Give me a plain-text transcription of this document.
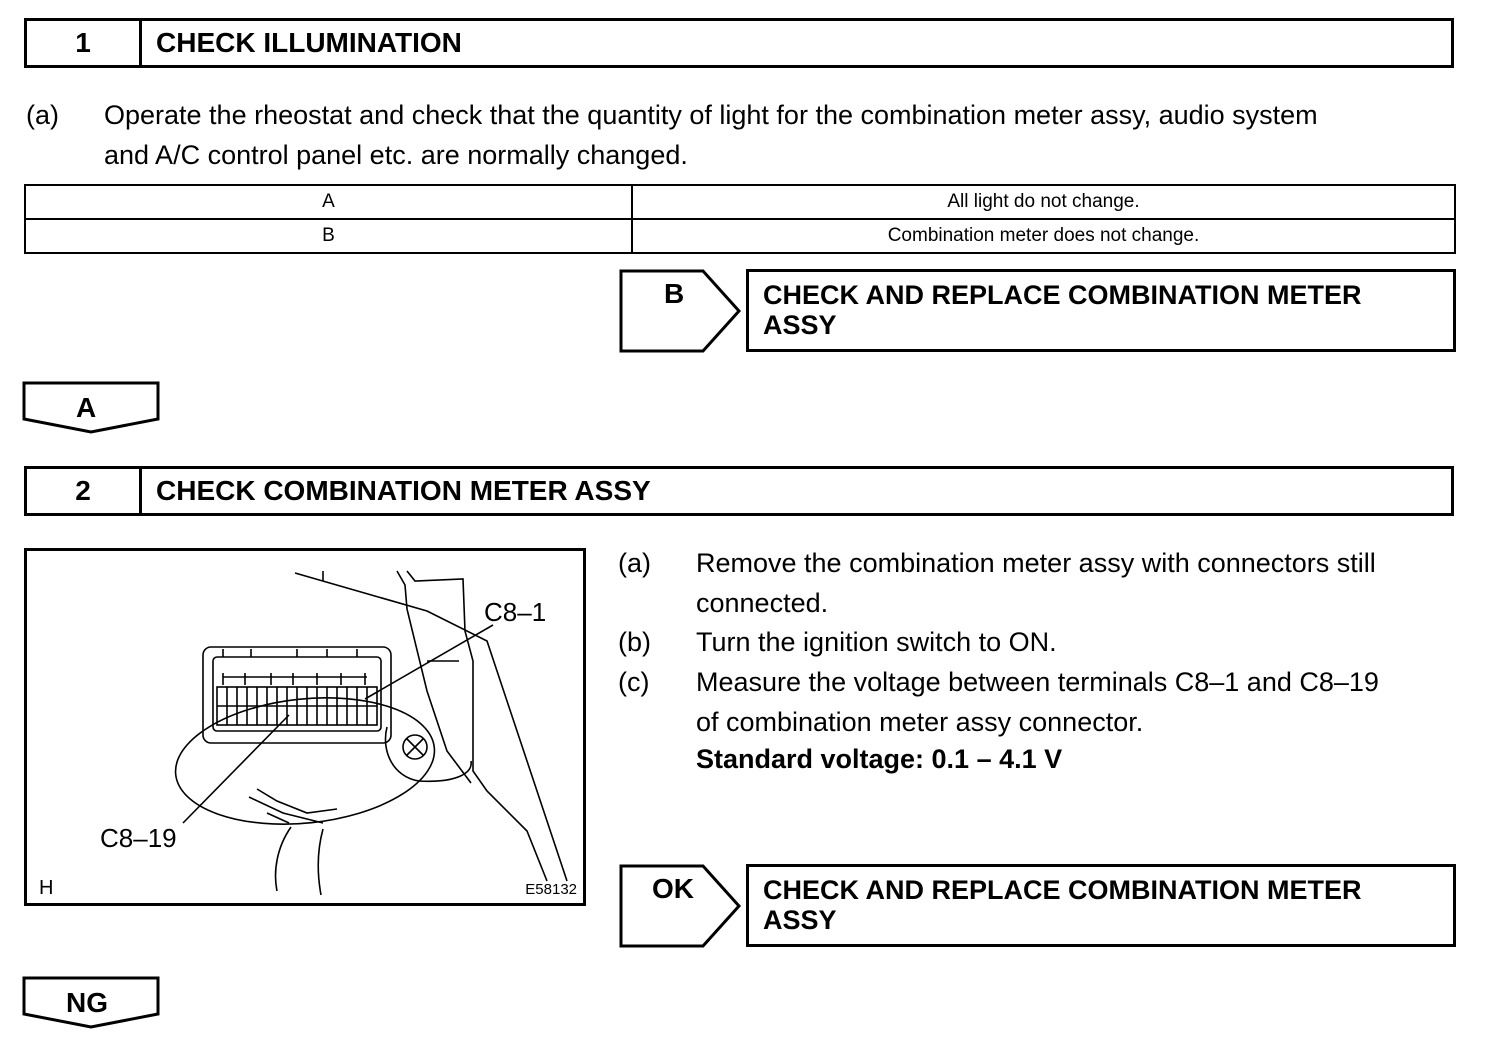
1	CHECK ILLUMINATION
(a) Operate the rheostat and check that the quantity of light for the combination meter assy, audio system
and A/C control panel etc. are normally changed.
A	All light do not change.
B	Combination meter does not change.
B	CHECK AND REPLACE COMBINATION METER
ASSY
A
2	CHECK COMBINATION METER ASSY
C8–1
C8–19
H	E58132
(a) Remove the combination meter assy with connectors still
connected.
(b) Turn the ignition switch to ON.
(c) Measure the voltage between terminals C8–1 and C8–19
of combination meter assy connector.
Standard voltage: 0.1 – 4.1 V
OK	CHECK AND REPLACE COMBINATION METER
ASSY
NG
